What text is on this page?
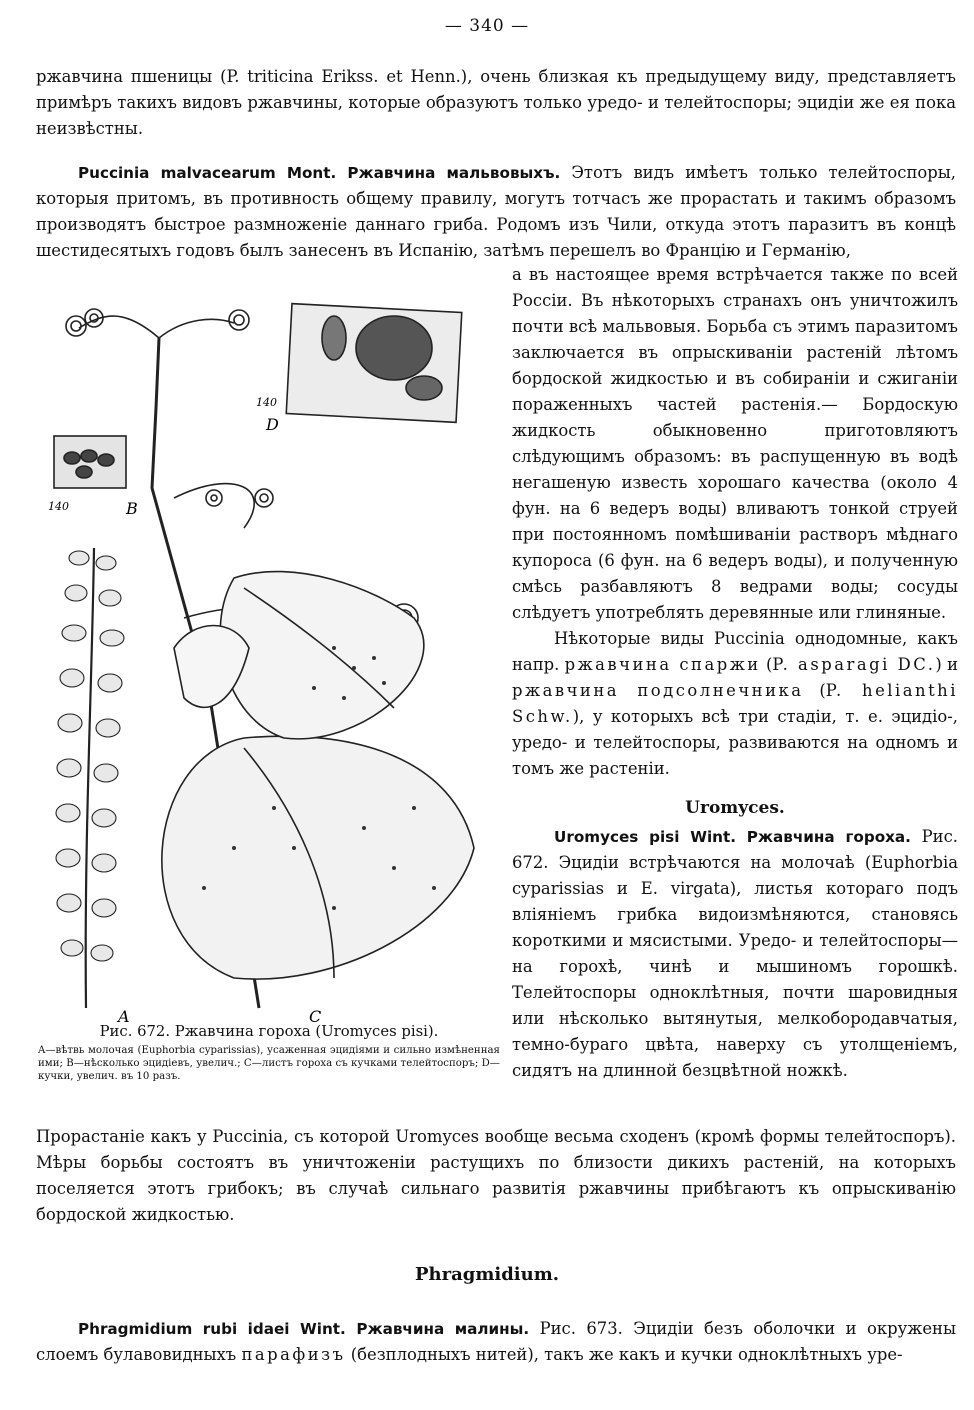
— 340 —

ржавчина пшеницы (P. triticina Erikss. et Henn.), очень близкая къ предыдущему виду, представляетъ примѣръ такихъ видовъ ржавчины, которые образуютъ только уредо- и телейтоспоры; эцидіи же ея пока неизвѣстны.

Puccinia malvacearum Mont. Ржавчина мальвовыхъ. Этотъ видъ имѣетъ только телейтоспоры, которыя притомъ, въ противность общему правилу, могутъ тотчасъ же прорастать и такимъ образомъ производятъ быстрое размноженіе даннаго гриба. Родомъ изъ Чили, откуда этотъ паразитъ въ концѣ шестидесятыхъ годовъ былъ занесенъ въ Испанію, затѣмъ перешелъ во Францію и Германію,

а въ настоящее время встрѣчается также по всей Россіи. Въ нѣкоторыхъ странахъ онъ уничтожилъ почти всѣ мальвовыя. Борьба съ этимъ паразитомъ заключается въ опрыскиваніи растеній лѣтомъ бордоской жидкостью и въ собираніи и сжиганіи пораженныхъ частей растенія.— Бордоскую жидкость обыкновенно приготовляютъ слѣдующимъ образомъ: въ распущенную въ водѣ негашеную известь хорошаго качества (около 4 фун. на 6 ведеръ воды) вливаютъ тонкой струей при постоянномъ помѣшиваніи растворъ мѣднаго купороса (6 фун. на 6 ведеръ воды), и полученную смѣсь разбавляютъ 8 ведрами воды; сосуды слѣдуетъ употреблять деревянные или глиняные.

Нѣкоторые виды Puccinia однодомные, какъ напр. ржавчина спаржи (P. asparagi DC.) и ржавчина подсолнечника (P. helianthi Schw.), у которыхъ всѣ три стадіи, т. е. эцидіо-, уредо- и телейтоспоры, развиваются на одномъ и томъ же растеніи.

Uromyces.

Uromyces pisi Wint. Ржавчина гороха. Рис. 672. Эцидіи встрѣчаются на молочаѣ (Euphorbia cyparissias и E. virgata), листья котораго подъ вліяніемъ грибка видоизмѣняются, становясь короткими и мясистыми. Уредо- и телейтоспоры—на горохѣ, чинѣ и мышиномъ горошкѣ. Телейтоспоры одноклѣтныя, почти шаровидныя или нѣсколько вытянутыя, мелкобородавчатыя, темно-бураго цвѣта, наверху съ утолщеніемъ, сидятъ на длинной безцвѣтной ножкѣ.

A
B
140
C
D
140
Рис. 672. Ржавчина гороха (Uromyces pisi).
A—вѣтвь молочая (Euphorbia cyparissias), усаженная эцидіями и сильно измѣненная ими; B—нѣсколько эцидіевъ, увелич.; C—листъ гороха съ кучками телейтоспоръ; D—кучки, увелич. въ 10 разъ.

Прорастаніе какъ у Puccinia, съ которой Uromyces вообще весьма сходенъ (кромѣ формы телейтоспоръ). Мѣры борьбы состоятъ въ уничтоженіи растущихъ по близости дикихъ растеній, на которыхъ поселяется этотъ грибокъ; въ случаѣ сильнаго развитія ржавчины прибѣгаютъ къ опрыскиванію бордоской жидкостью.

Phragmidium.

Phragmidium rubi idaei Wint. Ржавчина малины. Рис. 673. Эцидіи безъ оболочки и окружены слоемъ булавовидныхъ парафизъ (безплодныхъ нитей), такъ же какъ и кучки одноклѣтныхъ уре-
